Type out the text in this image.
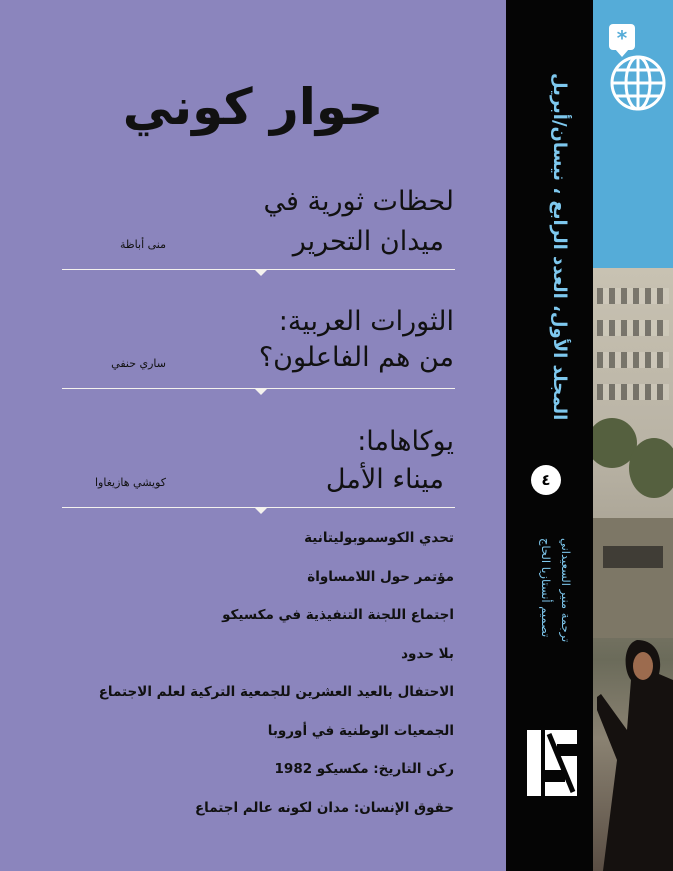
حوار كوني
لحظات ثورية في
ميدان التحرير
منى أباظة
الثورات العربية:
من هم الفاعلون؟
ساري حنفي
يوكاهاما:
ميناء الأمل
كويشي هازيغاوا
تحدي الكوسموبوليتانية
مؤتمر حول اللامساواة
اجتماع اللجنة التنفيذية في مكسيكو
بلا حدود
الاحتفال بالعيد العشرين للجمعية التركية لعلم الاجتماع
الجمعيات الوطنية في أوروبا
ركن التاريخ: مكسيكو 1982
حقوق الإنسان: مدان لكونه عالم اجتماع
المجلد الأول، العدد الرابع ، نيسان/أبريل
٤
ترجمة منير السعيداني
تصميم أنستازيا الحاج
*
